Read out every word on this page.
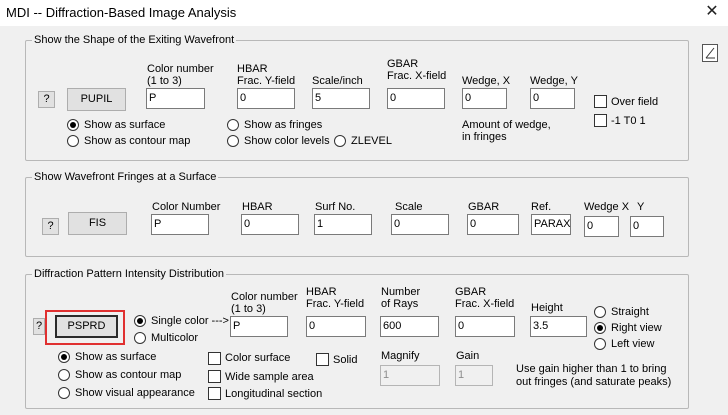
MDI -- Diffraction-Based Image Analysis	✕
Show the Shape of the Exiting Wavefront
?	PUPIL
Color number
(1 to 3)
P
HBAR
Frac. Y-field
0
Scale/inch
5
GBAR
Frac. X-field
0
Wedge, X
0
Wedge, Y
0	Over field
-1 T0 1
Show as surface
Show as contour map
Show as fringes
Show color levels ZLEVEL
Amount of wedge,
in fringes
Show Wavefront Fringes at a Surface
?	FIS
Color Number
P
HBAR
0
Surf No.
1
Scale
0
GBAR
0
Ref.
PARAX
Wedge X
0
Y
0
Diffraction Pattern Intensity Distribution
?	PSPRD	Single color --->
Multicolor
Color number
(1 to 3)
P
HBAR
Frac. Y-field
0
Number
of Rays
600
GBAR
Frac. X-field
0
Height
3.5
Straight
Right view
Left view
Show as surface
Show as contour map
Show visual appearance
Color surface	Solid
Wide sample area
Longitudinal section
Magnify
1
Gain
1	Use gain higher than 1 to bring
out fringes (and saturate peaks)
